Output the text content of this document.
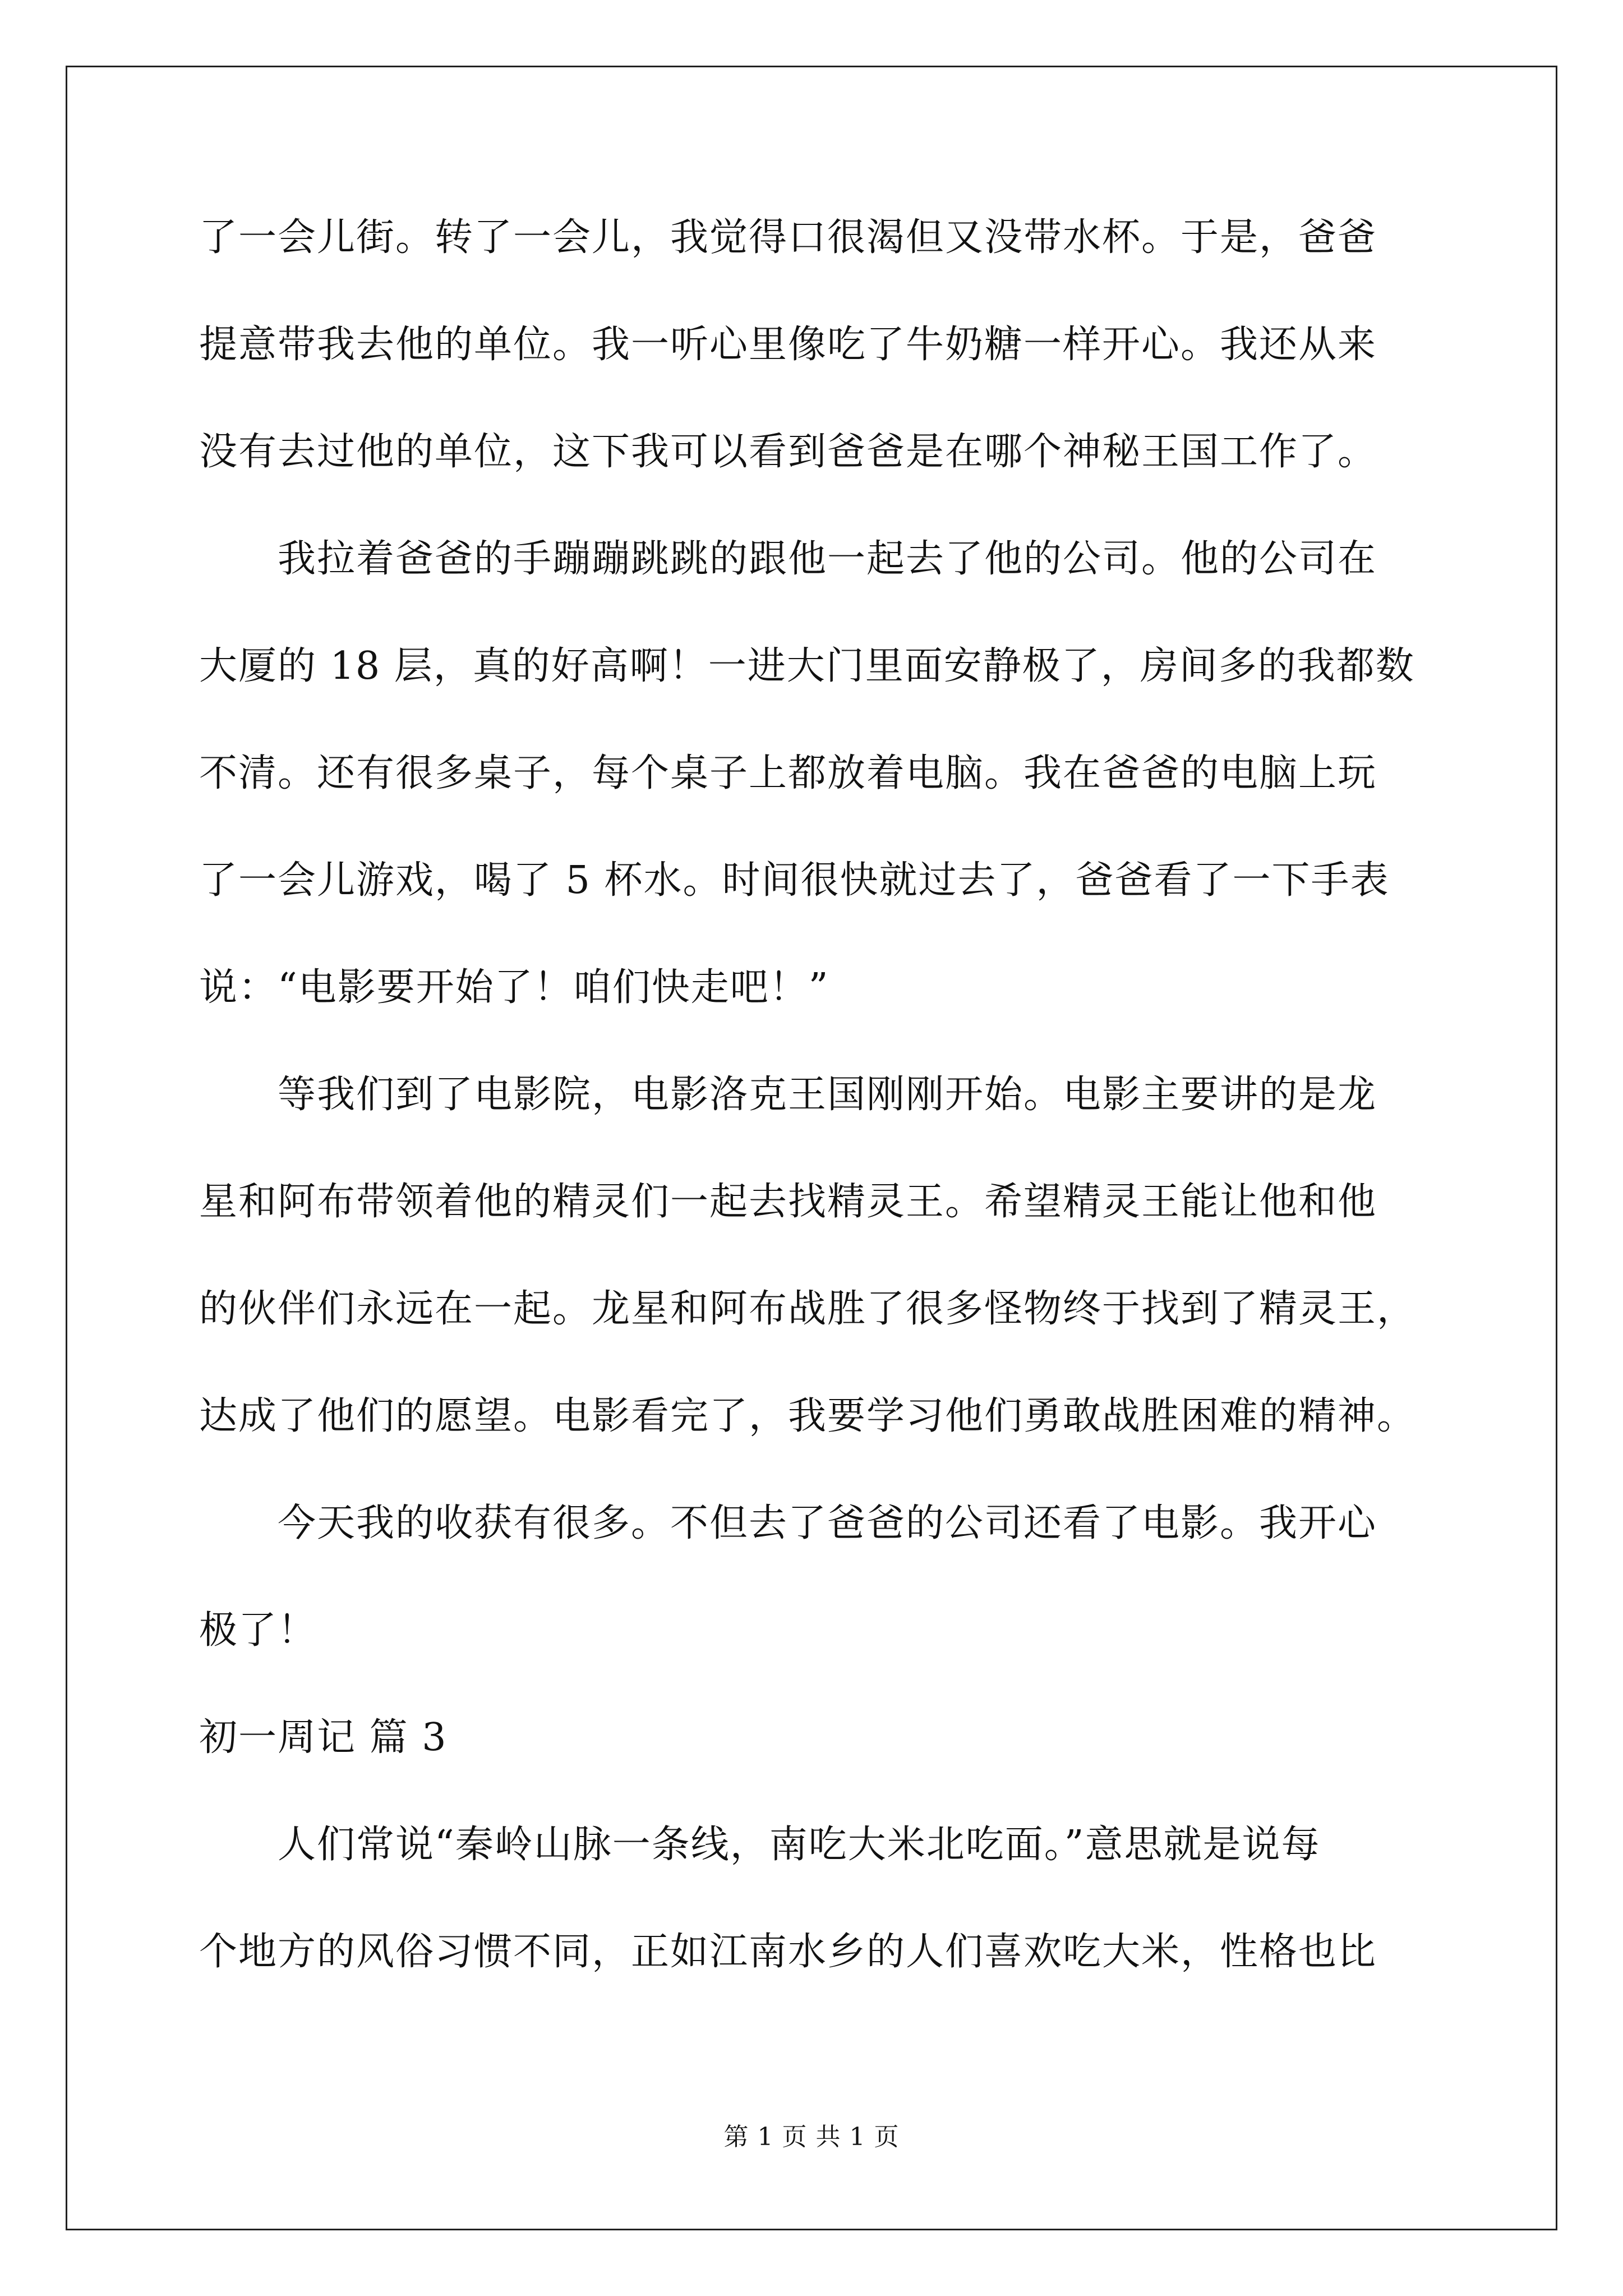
了一会儿街。转了一会儿，我觉得口很渴但又没带水杯。于是，爸爸
提意带我去他的单位。我一听心里像吃了牛奶糖一样开心。我还从来
没有去过他的单位，这下我可以看到爸爸是在哪个神秘王国工作了。
　　我拉着爸爸的手蹦蹦跳跳的跟他一起去了他的公司。他的公司在
大厦的 18 层，真的好高啊！一进大门里面安静极了，房间多的我都数
不清。还有很多桌子，每个桌子上都放着电脑。我在爸爸的电脑上玩
了一会儿游戏，喝了 5 杯水。时间很快就过去了，爸爸看了一下手表
说：“电影要开始了！咱们快走吧！”
　　等我们到了电影院，电影洛克王国刚刚开始。电影主要讲的是龙
星和阿布带领着他的精灵们一起去找精灵王。希望精灵王能让他和他
的伙伴们永远在一起。龙星和阿布战胜了很多怪物终于找到了精灵王，
达成了他们的愿望。电影看完了，我要学习他们勇敢战胜困难的精神。
　　今天我的收获有很多。不但去了爸爸的公司还看了电影。我开心
极了！
初一周记 篇 3
　　人们常说“秦岭山脉一条线，南吃大米北吃面。”意思就是说每
个地方的风俗习惯不同，正如江南水乡的人们喜欢吃大米，性格也比
第 1 页 共 1 页
